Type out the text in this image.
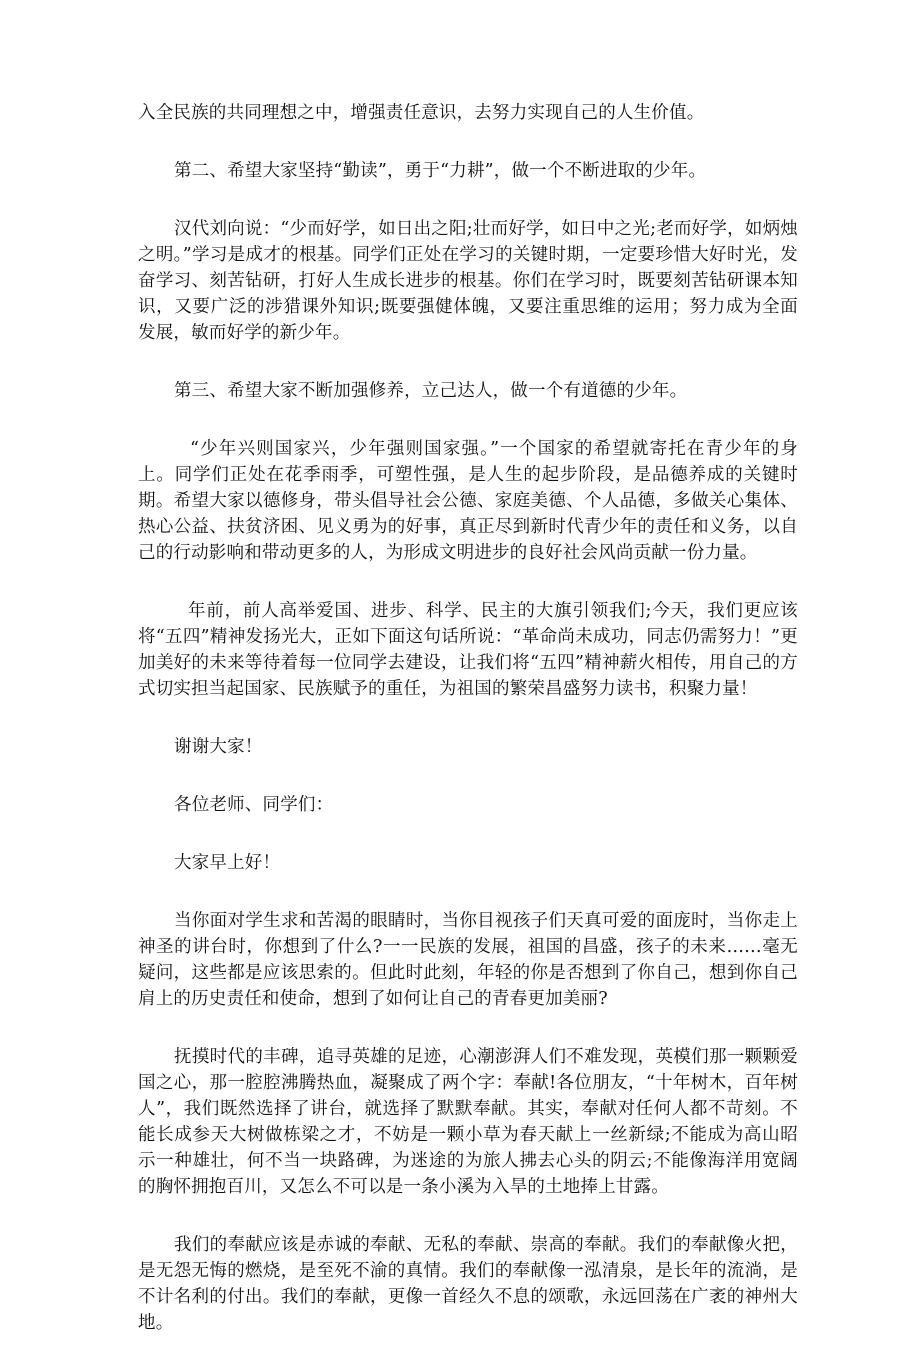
入全民族的共同理想之中，增强责任意识，去努力实现自己的人生价值。

第二、希望大家坚持“勤读”，勇于“力耕”，做一个不断进取的少年。

汉代刘向说：“少而好学，如日出之阳;壮而好学，如日中之光;老而好学，如炳烛之明。”学习是成才的根基。同学们正处在学习的关键时期，一定要珍惜大好时光，发奋学习、刻苦钻研，打好人生成长进步的根基。你们在学习时，既要刻苦钻研课本知识，又要广泛的涉猎课外知识;既要强健体魄，又要注重思维的运用；努力成为全面发展，敏而好学的新少年。

第三、希望大家不断加强修养，立己达人，做一个有道德的少年。

“少年兴则国家兴，少年强则国家强。”一个国家的希望就寄托在青少年的身上。同学们正处在花季雨季，可塑性强，是人生的起步阶段，是品德养成的关键时期。希望大家以德修身，带头倡导社会公德、家庭美德、个人品德，多做关心集体、热心公益、扶贫济困、见义勇为的好事，真正尽到新时代青少年的责任和义务，以自己的行动影响和带动更多的人，为形成文明进步的良好社会风尚贡献一份力量。

年前，前人高举爱国、进步、科学、民主的大旗引领我们;今天，我们更应该将“五四”精神发扬光大，正如下面这句话所说：“革命尚未成功，同志仍需努力！”更加美好的未来等待着每一位同学去建设，让我们将“五四”精神薪火相传，用自己的方式切实担当起国家、民族赋予的重任，为祖国的繁荣昌盛努力读书，积聚力量！

谢谢大家！

各位老师、同学们：

大家早上好！

当你面对学生求和苦渴的眼睛时，当你目视孩子们天真可爱的面庞时，当你走上神圣的讲台时，你想到了什么?一一民族的发展，祖国的昌盛，孩子的未来……毫无疑问，这些都是应该思索的。但此时此刻，年轻的你是否想到了你自己，想到你自己肩上的历史责任和使命，想到了如何让自己的青春更加美丽?

抚摸时代的丰碑，追寻英雄的足迹，心潮澎湃人们不难发现，英模们那一颗颗爱国之心，那一腔腔沸腾热血，凝聚成了两个字：奉献!各位朋友，“十年树木，百年树人”，我们既然选择了讲台，就选择了默默奉献。其实，奉献对任何人都不苛刻。不能长成参天大树做栋梁之才，不妨是一颗小草为春天献上一丝新绿;不能成为高山昭示一种雄壮，何不当一块路碑，为迷途的为旅人拂去心头的阴云;不能像海洋用宽阔的胸怀拥抱百川，又怎么不可以是一条小溪为入旱的土地捧上甘露。

我们的奉献应该是赤诚的奉献、无私的奉献、崇高的奉献。我们的奉献像火把，是无怨无悔的燃烧，是至死不渝的真情。我们的奉献像一泓清泉，是长年的流淌，是不计名利的付出。我们的奉献，更像一首经久不息的颂歌，永远回荡在广袤的神州大地。
